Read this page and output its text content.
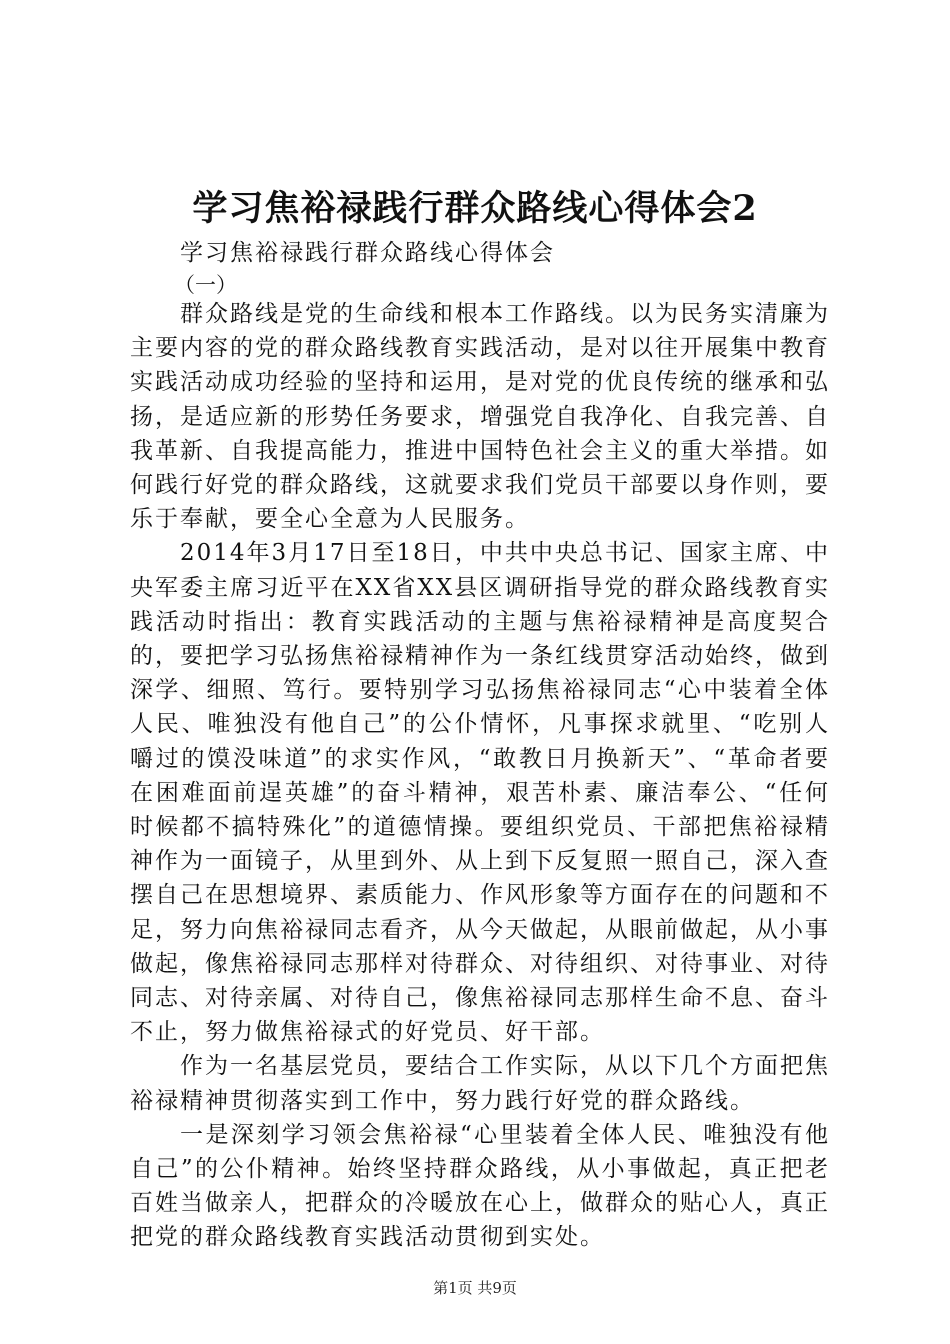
学习焦裕禄践行群众路线心得体会2
学习焦裕禄践行群众路线心得体会
（一）

群众路线是党的生命线和根本工作路线。以为民务实清廉为主要内容的党的群众路线教育实践活动，是对以往开展集中教育实践活动成功经验的坚持和运用，是对党的优良传统的继承和弘扬，是适应新的形势任务要求，增强党自我净化、自我完善、自我革新、自我提高能力，推进中国特色社会主义的重大举措。如何践行好党的群众路线，这就要求我们党员干部要以身作则，要乐于奉献，要全心全意为人民服务。

2014年3月17日至18日，中共中央总书记、国家主席、中央军委主席习近平在XX省XX县区调研指导党的群众路线教育实践活动时指出：教育实践活动的主题与焦裕禄精神是高度契合的，要把学习弘扬焦裕禄精神作为一条红线贯穿活动始终，做到深学、细照、笃行。要特别学习弘扬焦裕禄同志“心中装着全体人民、唯独没有他自己”的公仆情怀，凡事探求就里、“吃别人嚼过的馍没味道”的求实作风，“敢教日月换新天”、“革命者要在困难面前逞英雄”的奋斗精神，艰苦朴素、廉洁奉公、“任何时候都不搞特殊化”的道德情操。要组织党员、干部把焦裕禄精神作为一面镜子，从里到外、从上到下反复照一照自己，深入查摆自己在思想境界、素质能力、作风形象等方面存在的问题和不足，努力向焦裕禄同志看齐，从今天做起，从眼前做起，从小事做起，像焦裕禄同志那样对待群众、对待组织、对待事业、对待同志、对待亲属、对待自己，像焦裕禄同志那样生命不息、奋斗不止，努力做焦裕禄式的好党员、好干部。

作为一名基层党员，要结合工作实际，从以下几个方面把焦裕禄精神贯彻落实到工作中，努力践行好党的群众路线。

一是深刻学习领会焦裕禄“心里装着全体人民、唯独没有他自己”的公仆精神。始终坚持群众路线，从小事做起，真正把老百姓当做亲人，把群众的冷暖放在心上，做群众的贴心人，真正把党的群众路线教育实践活动贯彻到实处。

第1页 共9页
